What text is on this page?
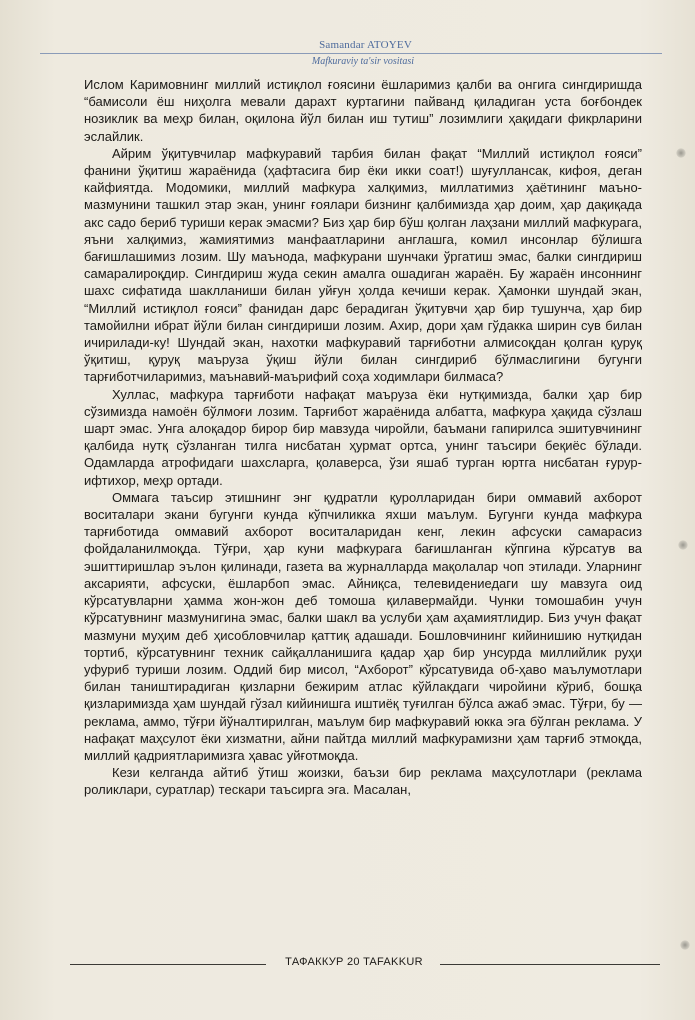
Samandar ATOYEV
Mafkuraviy ta'sir vositasi

Ислом Каримовнинг миллий истиқлол ғоясини ёшларимиз қалби ва онгига сингдиришда “бамисоли ёш ниҳолга мевали дарахт куртагини пайванд қиладиган уста боғбондек нозиклик ва меҳр билан, оқилона йўл билан иш тутиш” лозимлиги ҳақидаги фикрларини эслайлик.

Айрим ўқитувчилар мафкуравий тарбия билан фақат “Миллий истиқлол ғояси” фанини ўқитиш жараёнида (ҳафтасига бир ёки икки соат!) шуғуллансак, кифоя, деган кайфиятда. Модомики, миллий мафкура халқимиз, миллатимиз ҳаётининг маъно-мазмунини ташкил этар экан, унинг ғоялари бизнинг қалбимизда ҳар доим, ҳар дақиқада акс садо бериб туриши керак эмасми? Биз ҳар бир бўш қолган лаҳзани миллий мафкурага, яъни халқимиз, жамиятимиз манфаатларини англашга, комил инсонлар бўлишга бағишлашимиз лозим. Шу маънода, мафкурани шунчаки ўргатиш эмас, балки сингдириш самаралироқдир. Сингдириш жуда секин амалга ошадиган жараён. Бу жараён инсоннинг шахс сифатида шаклланиши билан уйғун ҳолда кечиши керак. Ҳамонки шундай экан, “Миллий истиқлол ғояси” фанидан дарс берадиган ўқитувчи ҳар бир тушунча, ҳар бир тамойилни ибрат йўли билан сингдириши лозим. Ахир, дори ҳам гўдакка ширин сув билан ичирилади-ку! Шундай экан, нахотки мафкуравий тарғиботни алмисоқдан қолган қуруқ ўқитиш, қуруқ маърузa ўқиш йўли билан сингдириб бўлмаслигини бугунги тарғиботчиларимиз, маънавий-маърифий соҳа ходимлари билмаса?

Хуллас, мафкура тарғиботи нафақат маъруза ёки нутқимизда, балки ҳар бир сўзимизда намоён бўлмоғи лозим. Тарғибот жараёнида албатта, мафкура ҳақида сўзлаш шарт эмас. Унга алоқадор бирор бир мавзуда чиройли, баъмани гапирилса эшитувчининг қалбида нутқ сўзланган тилга нисбатан ҳурмат ортса, унинг таъсири беқиёс бўлади. Одамларда атрофидаги шахсларга, қолаверса, ўзи яшаб турган юртга нисбатан ғурур-ифтихор, меҳр ортади.

Оммага таъсир этишнинг энг қудратли қуролларидан бири оммавий ахборот воситалари экани бугунги кунда кўпчиликка яхши маълум. Бугунги кунда мафкура тарғиботида оммавий ахборот воситаларидан кенг, лекин афсуски самарасиз фойдаланилмоқда. Тўғри, ҳар куни мафкурага бағишланган кўпгина кўрсатув ва эшиттиришлар эълон қилинади, газета ва журналларда мақолалар чоп этилади. Уларнинг аксарияти, афсуски, ёшларбоп эмас. Айниқса, телевидениедаги шу мавзуга оид кўрсатувларни ҳамма жон-жон деб томоша қилавермайди. Чунки томошабин учун кўрсатувнинг мазмунигина эмас, балки шакл ва услуби ҳам аҳамиятлидир. Биз учун фақат мазмуни муҳим деб ҳисобловчилар қаттиқ адашади. Бошловчининг кийинишию нутқидан тортиб, кўрсатувнинг техник сайқалланишига қадар ҳар бир унсурда миллийлик руҳи уфуриб туриши лозим. Оддий бир мисол, “Ахборот” кўрсатувида об-ҳаво маълумотлари билан таништирадиган қизларни бежирим атлас кўйлакдаги чиройини кўриб, бошқа қизларимизда ҳам шундай гўзал кийинишга иштиёқ туғилган бўлса ажаб эмас. Тўғри, бу — реклама, аммо, тўғри йўналтирилган, маълум бир мафкуравий юкка эга бўлган реклама. У нафақат маҳсулот ёки хизматни, айни пайтда миллий мафкурамизни ҳам тарғиб этмоқда, миллий қадриятларимизга ҳавас уйғотмоқда.

Кези келганда айтиб ўтиш жоизки, баъзи бир реклама маҳсулотлари (реклама роликлари, суратлар) тескари таъсирга эга. Масалан,

ТАФАККУР 20 TAFAKKUR
